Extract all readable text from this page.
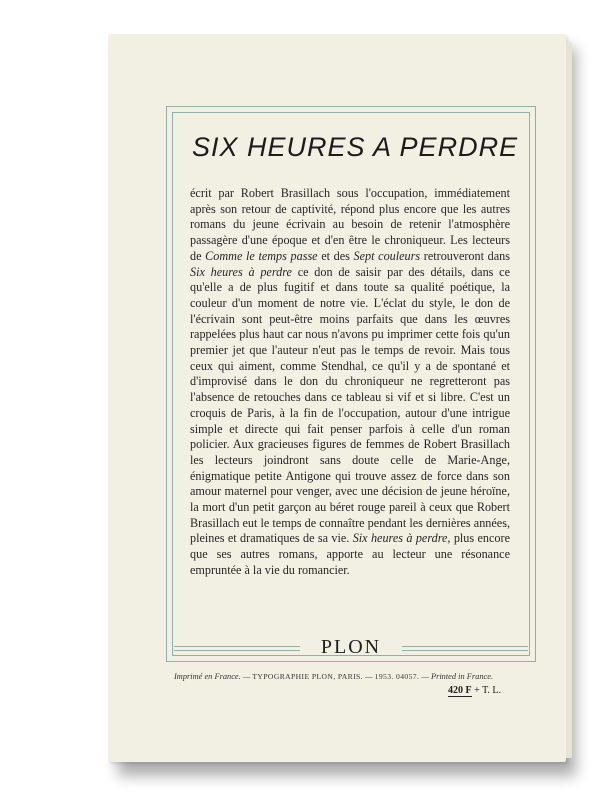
SIX HEURES A PERDRE
écrit par Robert Brasillach sous l'occupation, immédiatement après son retour de captivité, répond plus encore que les autres romans du jeune écrivain au besoin de retenir l'atmosphère passagère d'une époque et d'en être le chroniqueur. Les lecteurs de Comme le temps passe et des Sept couleurs retrouveront dans Six heures à perdre ce don de saisir par des détails, dans ce qu'elle a de plus fugitif et dans toute sa qualité poétique, la couleur d'un moment de notre vie. L'éclat du style, le don de l'écrivain sont peut-être moins parfaits que dans les œuvres rappelées plus haut car nous n'avons pu imprimer cette fois qu'un premier jet que l'auteur n'eut pas le temps de revoir. Mais tous ceux qui aiment, comme Stendhal, ce qu'il y a de spontané et d'improvisé dans le don du chroniqueur ne regretteront pas l'absence de retouches dans ce tableau si vif et si libre. C'est un croquis de Paris, à la fin de l'occupation, autour d'une intrigue simple et directe qui fait penser parfois à celle d'un roman policier. Aux gracieuses figures de femmes de Robert Brasillach les lecteurs joindront sans doute celle de Marie-Ange, énigmatique petite Antigone qui trouve assez de force dans son amour maternel pour venger, avec une décision de jeune héroïne, la mort d'un petit garçon au béret rouge pareil à ceux que Robert Brasillach eut le temps de connaître pendant les dernières années, pleines et dramatiques de sa vie. Six heures à perdre, plus encore que ses autres romans, apporte au lecteur une résonance empruntée à la vie du romancier.
PLON
Imprimé en France. — TYPOGRAPHIE PLON, PARIS. — 1953. 04057. — Printed in France.
420 F + T. L.
